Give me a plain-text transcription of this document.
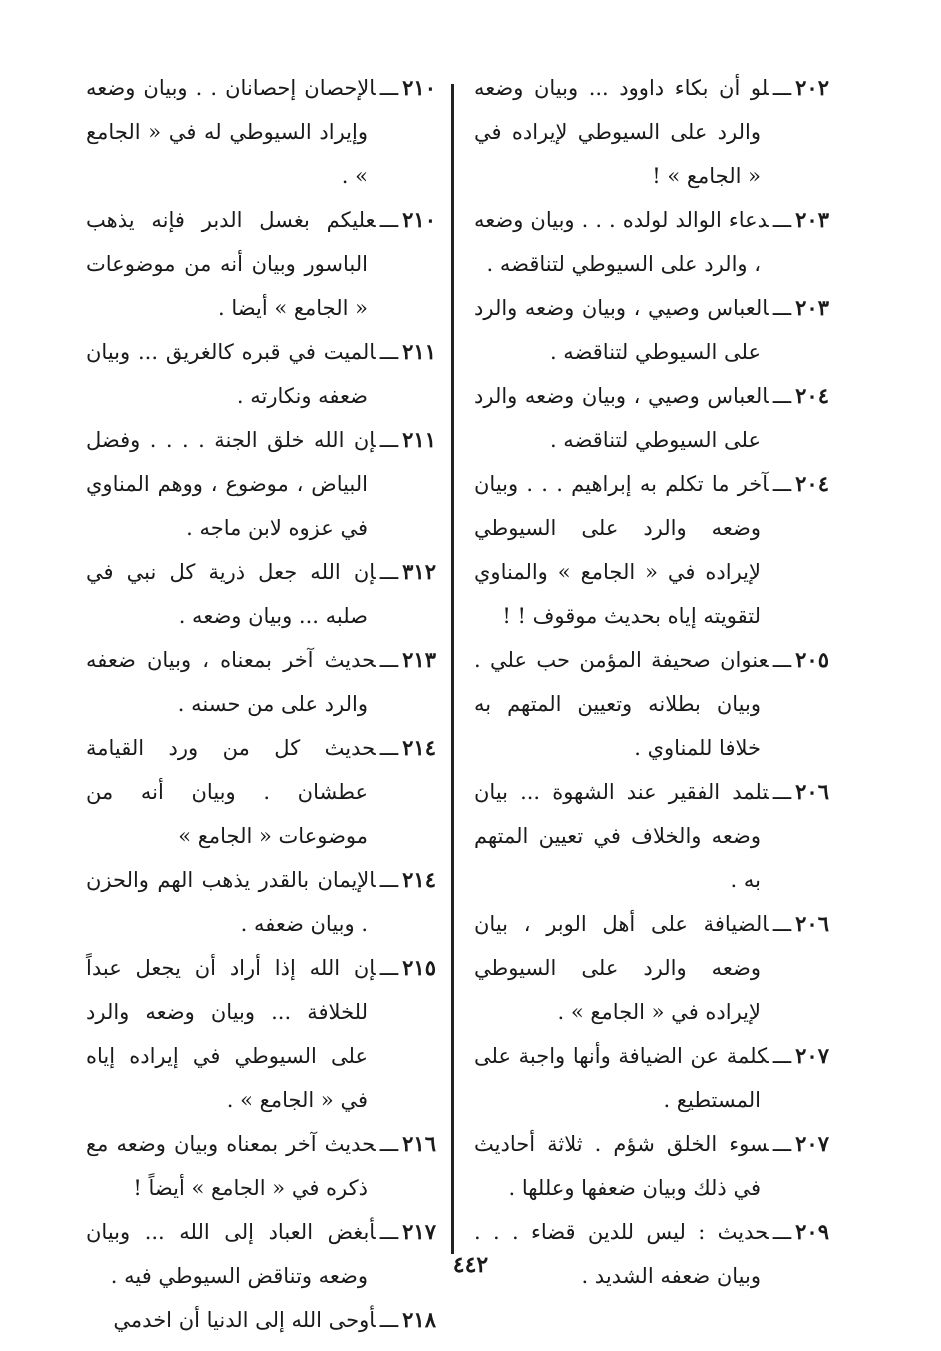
٢٠٢ـــلو أن بكاء داوود ... وبيان وضعه والرد على السيوطي لإيراده في « الجامع » !

٢٠٣ـــدعاء الوالد لولده . . . وبيان وضعه ، والرد على السيوطي لتناقضه .

٢٠٣ـــالعباس وصيي ، وبيان وضعه والرد على السيوطي لتناقضه .

٢٠٤ـــالعباس وصيي ، وبيان وضعه والرد على السيوطي لتناقضه .

٢٠٤ـــآخر ما تكلم به إبراهيم . . . وبيان وضعه والرد على السيوطي لإيراده في « الجامع » والمناوي لتقويته إياه بحديث موقوف ! !

٢٠٥ـــعنوان صحيفة المؤمن حب علي . وبيان بطلانه وتعيين المتهم به خلافا للمناوي .

٢٠٦ـــتلمد الفقير عند الشهوة ... بيان وضعه والخلاف في تعيين المتهم به .

٢٠٦ـــالضيافة على أهل الوبر ، بيان وضعه والرد على السيوطي لإيراده في « الجامع » .

٢٠٧ـــكلمة عن الضيافة وأنها واجبة على المستطيع .

٢٠٧ـــسوء الخلق شؤم . ثلاثة أحاديث في ذلك وبيان ضعفها وعللها .

٢٠٩ـــحديث : ليس للدين قضاء . . . وبيان ضعفه الشديد .

٢١٠ـــالإحصان إحصانان . . وبيان وضعه وإيراد السيوطي له في « الجامع » .

٢١٠ـــعليكم بغسل الدبر فإنه يذهب الباسور وبيان أنه من موضوعات « الجامع » أيضا .

٢١١ـــالميت في قبره كالغريق ... وبيان ضعفه ونكارته .

٢١١ـــإن الله خلق الجنة . . . . وفضل البياض ، موضوع ، ووهم المناوي في عزوه لابن ماجه .

٣١٢ـــإن الله جعل ذرية كل نبي في صلبه ... وبيان وضعه .

٢١٣ـــحديث آخر بمعناه ، وبيان ضعفه والرد على من حسنه .

٢١٤ـــحديث كل من ورد القيامة عطشان . وبيان أنه من موضوعات « الجامع »

٢١٤ـــالإيمان بالقدر يذهب الهم والحزن . وبيان ضعفه .

٢١٥ـــإن الله إذا أراد أن يجعل عبداً للخلافة ... وبيان وضعه والرد على السيوطي في إيراده إياه في « الجامع » .

٢١٦ـــحديث آخر بمعناه وبيان وضعه مع ذكره في « الجامع » أيضاً !

٢١٧ـــأبغض العباد إلى الله ... وبيان وضعه وتناقض السيوطي فيه .

٢١٨ـــأوحى الله إلى الدنيا أن اخدمي

٤٤٢
